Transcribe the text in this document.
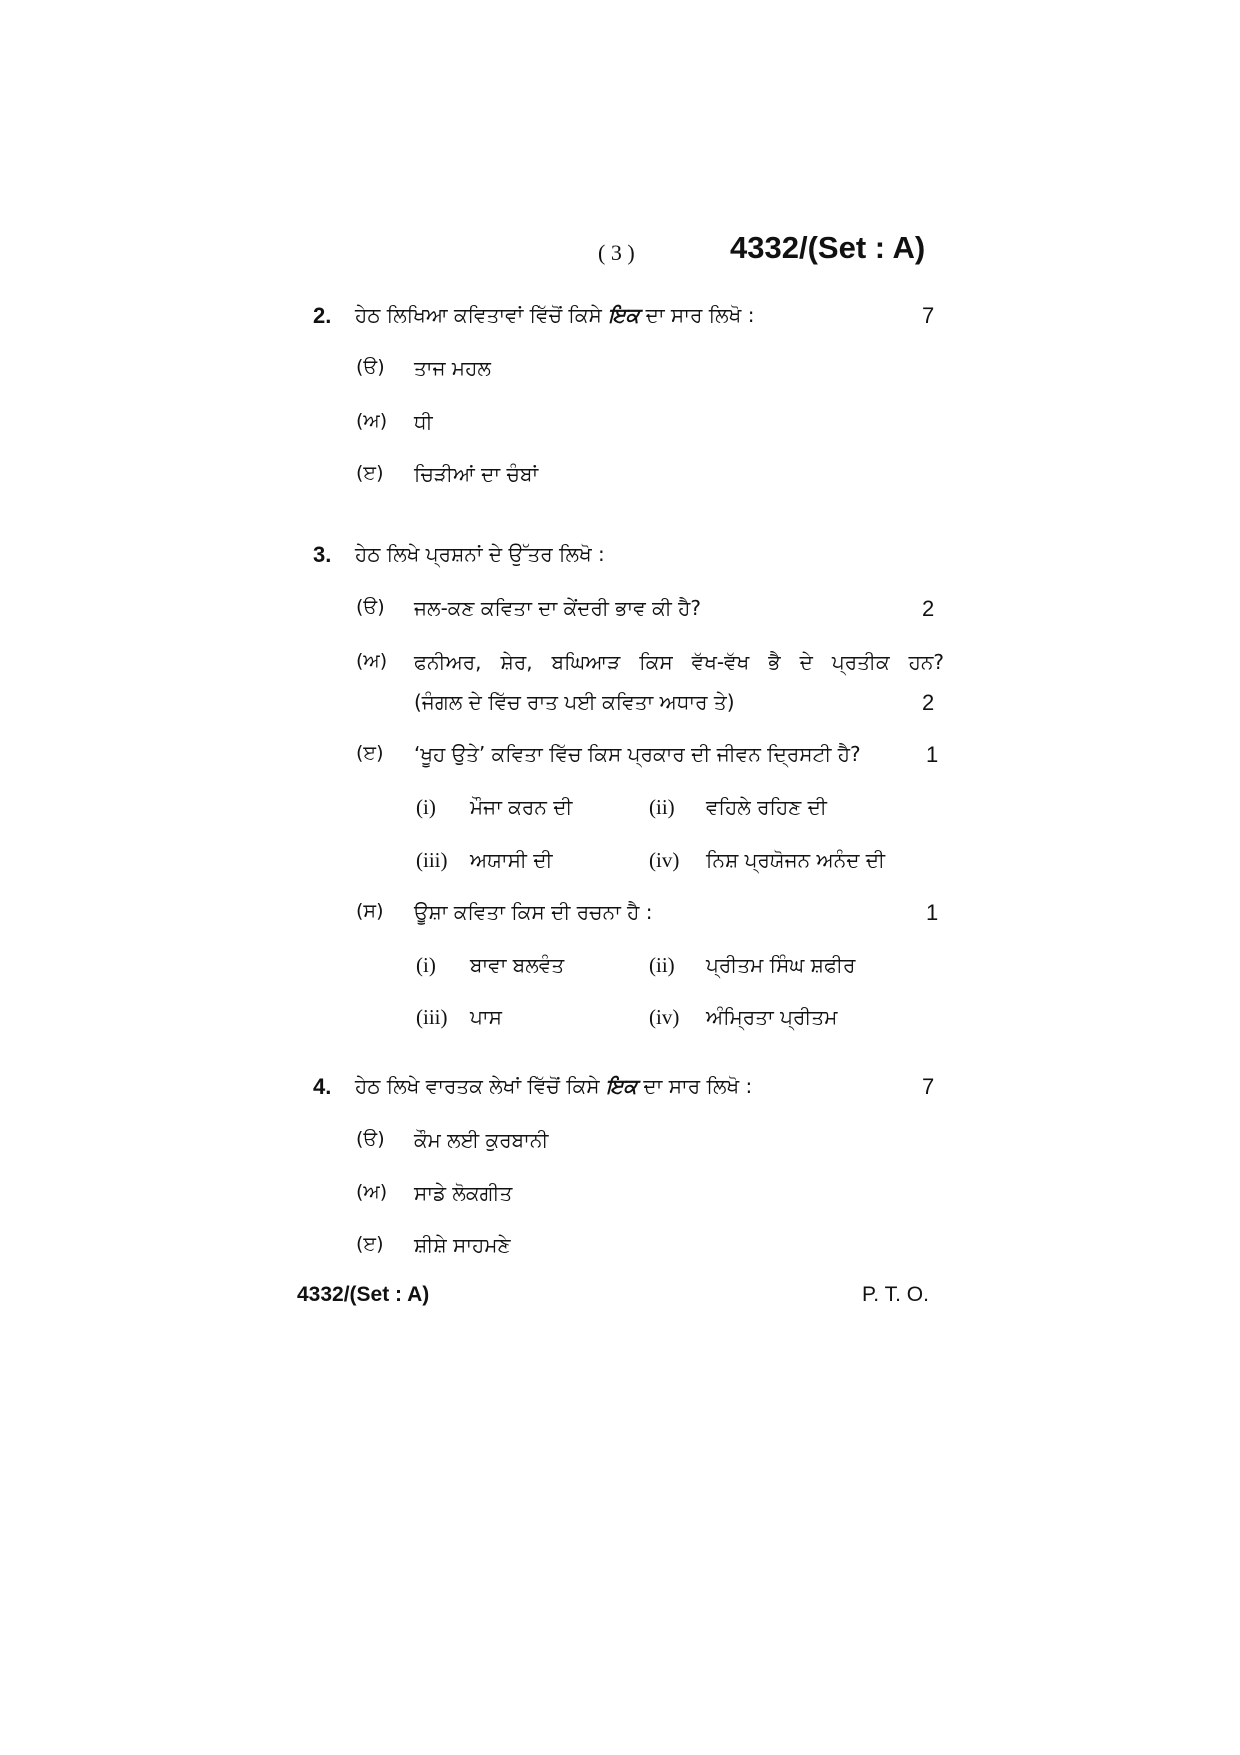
( 3 )	4332/(Set : A)
2. ਹੇਠ ਲਿਖਿਆ ਕਵਿਤਾਵਾਂ ਵਿੱਚੋਂ ਕਿਸੇ ਇਕ ਦਾ ਸਾਰ ਲਿਖੋ :	7
(ੳ) ਤਾਜ ਮਹਲ
(ਅ) ਧੀ
(ੲ) ਚਿੜੀਆਂ ਦਾ ਚੰਬਾਂ
3. ਹੇਠ ਲਿਖੇ ਪ੍ਰਸ਼ਨਾਂ ਦੇ ਉੱਤਰ ਲਿਖੋ :
(ੳ) ਜਲ-ਕਣ ਕਵਿਤਾ ਦਾ ਕੇਂਦਰੀ ਭਾਵ ਕੀ ਹੈ?	2
(ਅ) ਫਨੀਅਰ, ਸ਼ੇਰ, ਬਘਿਆੜ ਕਿਸ ਵੱਖ-ਵੱਖ ਭੈ ਦੇ ਪ੍ਰਤੀਕ ਹਨ?
(ਜੰਗਲ ਦੇ ਵਿੱਚ ਰਾਤ ਪਈ ਕਵਿਤਾ ਅਧਾਰ ਤੇ)	2
(ੲ) ‘ਖੂਹ ਉਤੇ’ ਕਵਿਤਾ ਵਿੱਚ ਕਿਸ ਪ੍ਰਕਾਰ ਦੀ ਜੀਵਨ ਦ੍ਰਿਸਟੀ ਹੈ?	1
(i) ਮੌਜਾ ਕਰਨ ਦੀ	(ii) ਵਹਿਲੇ ਰਹਿਣ ਦੀ
(iii) ਅਯਾਸੀ ਦੀ	(iv) ਨਿਸ਼ ਪ੍ਰਯੋਜਨ ਅਨੰਦ ਦੀ
(ਸ) ਊਸ਼ਾ ਕਵਿਤਾ ਕਿਸ ਦੀ ਰਚਨਾ ਹੈ :	1
(i) ਬਾਵਾ ਬਲਵੰਤ	(ii) ਪ੍ਰੀਤਮ ਸਿੰਘ ਸ਼ਫੀਰ
(iii) ਪਾਸ	(iv) ਅੰਮ੍ਰਿਤਾ ਪ੍ਰੀਤਮ
4. ਹੇਠ ਲਿਖੇ ਵਾਰਤਕ ਲੇਖਾਂ ਵਿੱਚੋਂ ਕਿਸੇ ਇਕ ਦਾ ਸਾਰ ਲਿਖੋ :	7
(ੳ) ਕੌਮ ਲਈ ਕੁਰਬਾਨੀ
(ਅ) ਸਾਡੇ ਲੋਕਗੀਤ
(ੲ) ਸ਼ੀਸ਼ੇ ਸਾਹਮਣੇ
4332/(Set : A)	P. T. O.
